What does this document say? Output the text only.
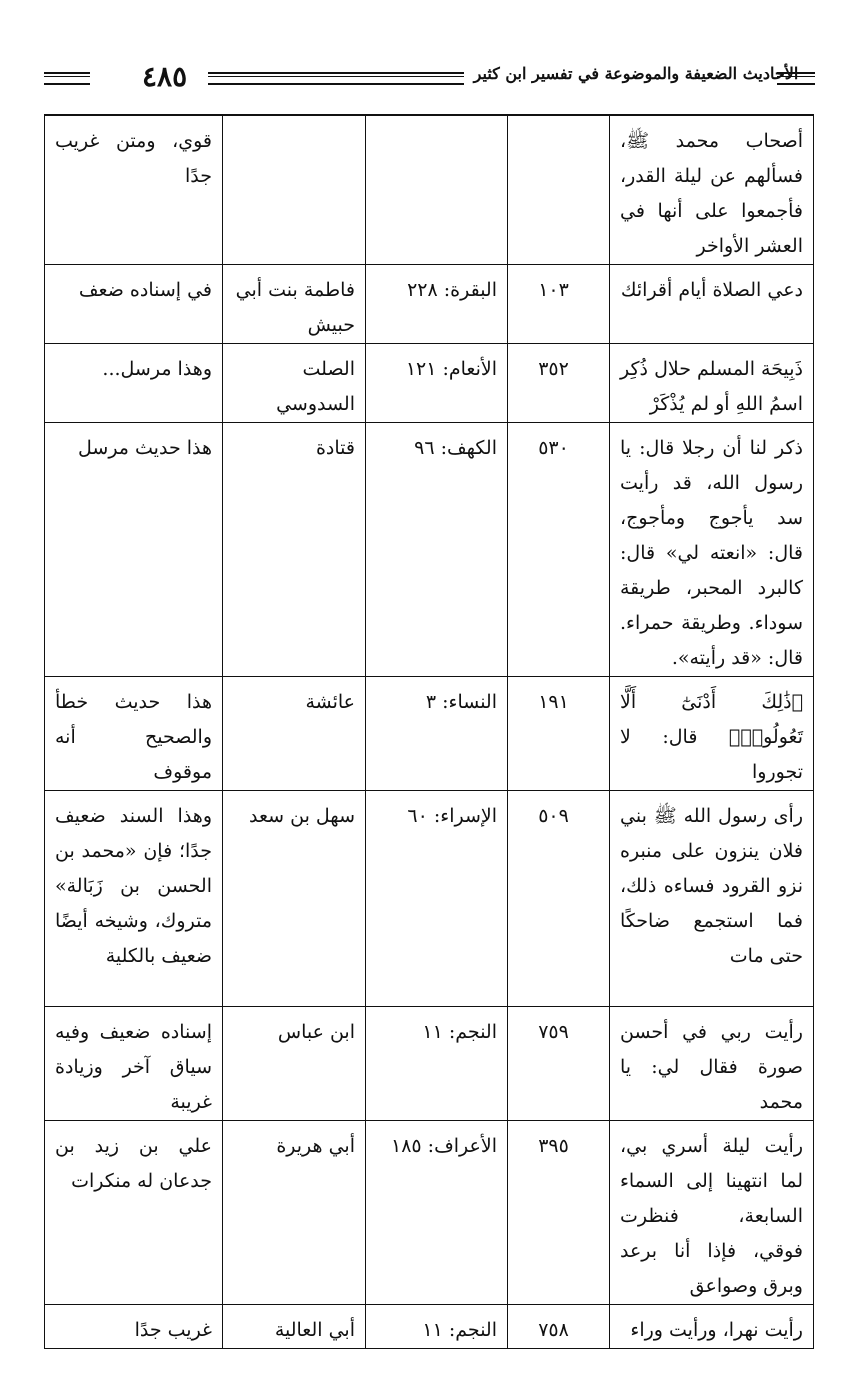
٤٨٥	الأحاديث الضعيفة والموضوعة في تفسير ابن كثير
أصحاب محمد ﷺ، فسألهم عن ليلة القدر، فأجمعوا على أنها في العشر الأواخر				قوي، ومتن غريب جدًا
دعي الصلاة أيام أقرائك	١٠٣	البقرة: ٢٢٨	فاطمة بنت أبي حبيش	في إسناده ضعف
ذَبِيحَة المسلم حلال ذُكِر اسمُ اللهِ أو لم يُذْكَرْ	٣٥٢	الأنعام: ١٢١	الصلت السدوسي	وهذا مرسل...
ذكر لنا أن رجلا قال: يا رسول الله، قد رأيت سد يأجوج ومأجوج، قال: «انعته لي» قال: كالبرد المحبر، طريقة سوداء. وطريقة حمراء. قال: «قد رأيته».	٥٣٠	الكهف: ٩٦	قتادة	هذا حديث مرسل
﴿ذَٰلِكَ أَدْنَىٰٓ أَلَّا تَعُولُوا۟﴾ قال: لا تجوروا	١٩١	النساء: ٣	عائشة	هذا حديث خطأ والصحيح أنه موقوف
رأى رسول الله ﷺ بني فلان ينزون على منبره نزو القرود فساءه ذلك، فما استجمع ضاحكًا حتى مات	٥٠٩	الإسراء: ٦٠	سهل بن سعد	وهذا السند ضعيف جدًا؛ فإن «محمد بن الحسن بن زَبَالة» متروك، وشيخه أيضًا ضعيف بالكلية
رأيت ربي في أحسن صورة فقال لي: يا محمد	٧٥٩	النجم: ١١	ابن عباس	إسناده ضعيف وفيه سياق آخر وزيادة غريبة
رأيت ليلة أسري بي، لما انتهينا إلى السماء السابعة، فنظرت فوقي، فإذا أنا برعد وبرق وصواعق	٣٩٥	الأعراف: ١٨٥	أبي هريرة	علي بن زيد بن جدعان له منكرات
رأيت نهرا، ورأيت وراء	٧٥٨	النجم: ١١	أبي العالية	غريب جدًا
